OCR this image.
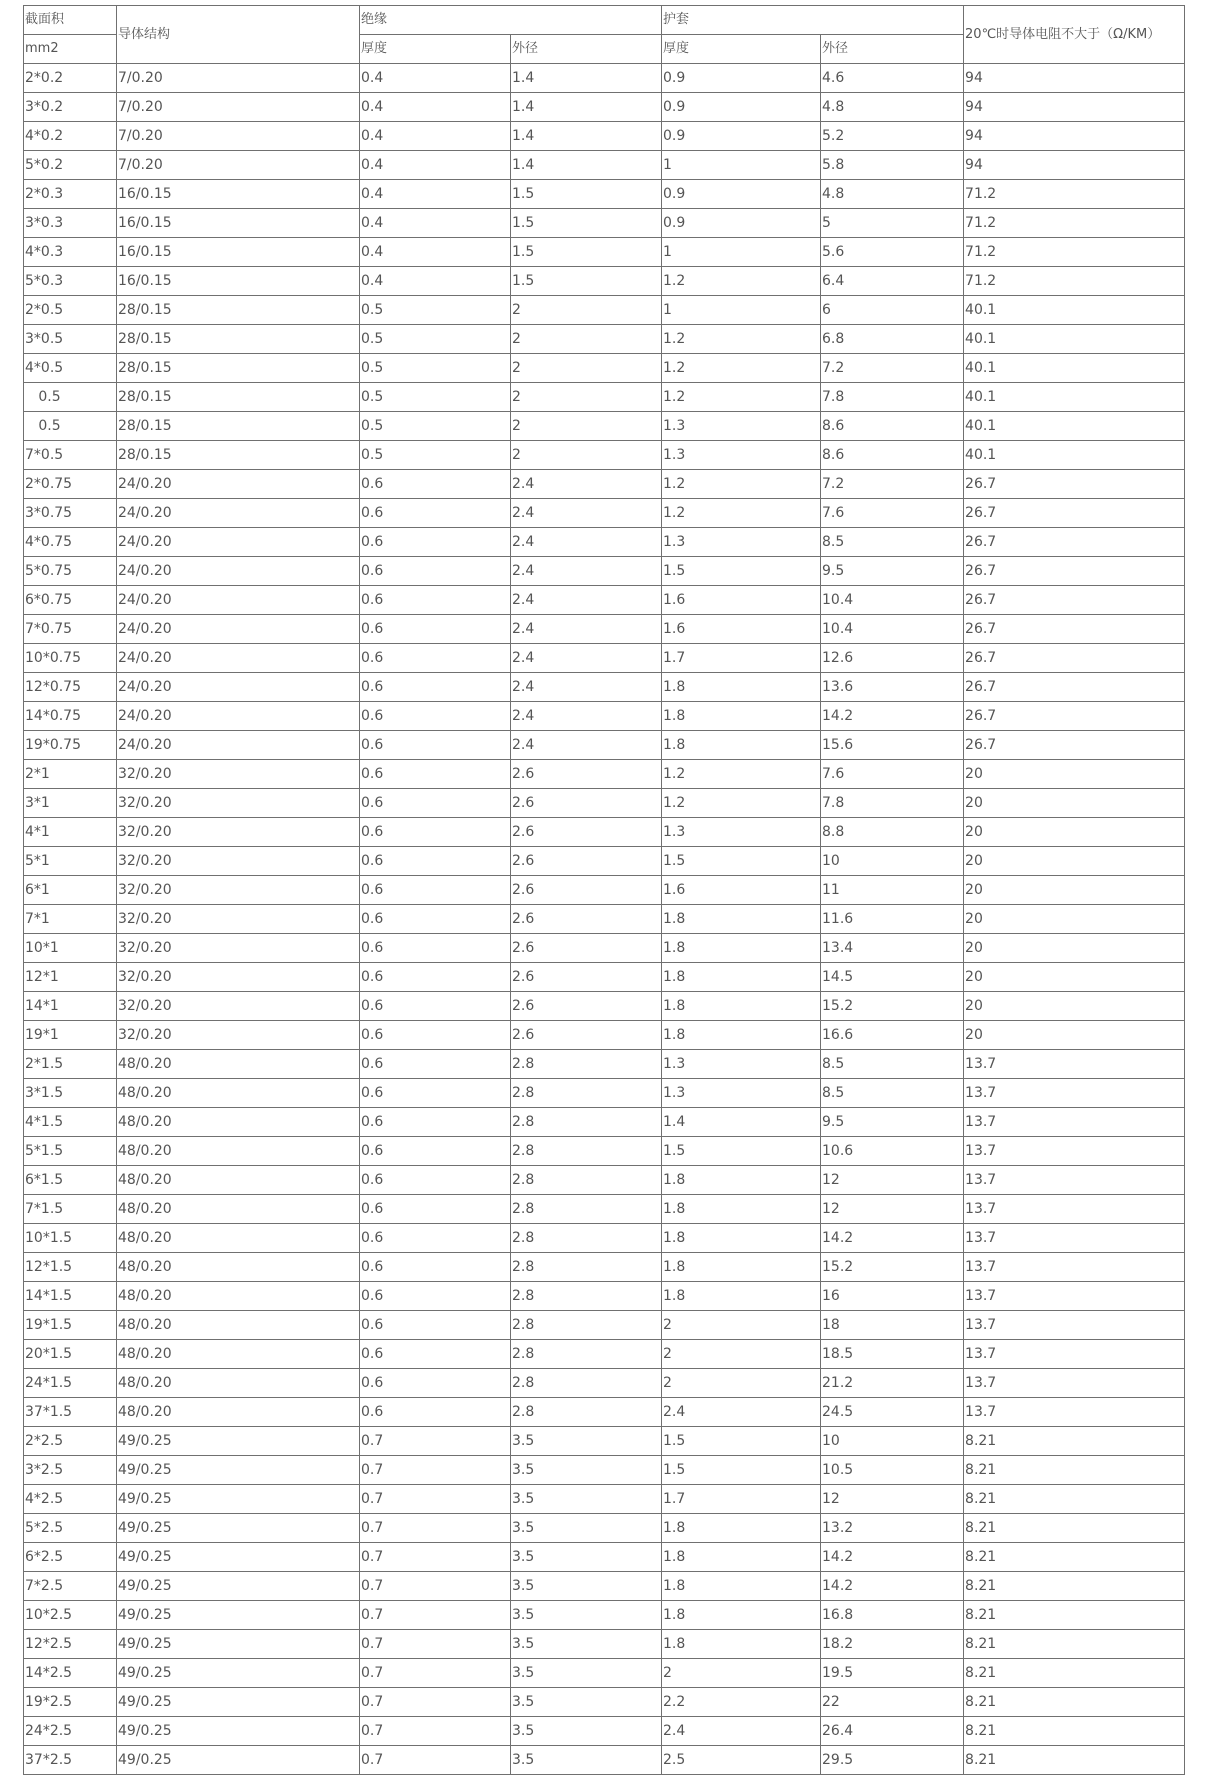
截面积	导体结构	绝缘		护套		20℃时导体电阻不大于（Ω/KM）
mm2		厚度	外径	厚度	外径	
2*0.2	7/0.20	0.4	1.4	0.9	4.6	94
3*0.2	7/0.20	0.4	1.4	0.9	4.8	94
4*0.2	7/0.20	0.4	1.4	0.9	5.2	94
5*0.2	7/0.20	0.4	1.4	1	5.8	94
2*0.3	16/0.15	0.4	1.5	0.9	4.8	71.2
3*0.3	16/0.15	0.4	1.5	0.9	5	71.2
4*0.3	16/0.15	0.4	1.5	1	5.6	71.2
5*0.3	16/0.15	0.4	1.5	1.2	6.4	71.2
2*0.5	28/0.15	0.5	2	1	6	40.1
3*0.5	28/0.15	0.5	2	1.2	6.8	40.1
4*0.5	28/0.15	0.5	2	1.2	7.2	40.1
0.5	28/0.15	0.5	2	1.2	7.8	40.1
0.5	28/0.15	0.5	2	1.3	8.6	40.1
7*0.5	28/0.15	0.5	2	1.3	8.6	40.1
2*0.75	24/0.20	0.6	2.4	1.2	7.2	26.7
3*0.75	24/0.20	0.6	2.4	1.2	7.6	26.7
4*0.75	24/0.20	0.6	2.4	1.3	8.5	26.7
5*0.75	24/0.20	0.6	2.4	1.5	9.5	26.7
6*0.75	24/0.20	0.6	2.4	1.6	10.4	26.7
7*0.75	24/0.20	0.6	2.4	1.6	10.4	26.7
10*0.75	24/0.20	0.6	2.4	1.7	12.6	26.7
12*0.75	24/0.20	0.6	2.4	1.8	13.6	26.7
14*0.75	24/0.20	0.6	2.4	1.8	14.2	26.7
19*0.75	24/0.20	0.6	2.4	1.8	15.6	26.7
2*1	32/0.20	0.6	2.6	1.2	7.6	20
3*1	32/0.20	0.6	2.6	1.2	7.8	20
4*1	32/0.20	0.6	2.6	1.3	8.8	20
5*1	32/0.20	0.6	2.6	1.5	10	20
6*1	32/0.20	0.6	2.6	1.6	11	20
7*1	32/0.20	0.6	2.6	1.8	11.6	20
10*1	32/0.20	0.6	2.6	1.8	13.4	20
12*1	32/0.20	0.6	2.6	1.8	14.5	20
14*1	32/0.20	0.6	2.6	1.8	15.2	20
19*1	32/0.20	0.6	2.6	1.8	16.6	20
2*1.5	48/0.20	0.6	2.8	1.3	8.5	13.7
3*1.5	48/0.20	0.6	2.8	1.3	8.5	13.7
4*1.5	48/0.20	0.6	2.8	1.4	9.5	13.7
5*1.5	48/0.20	0.6	2.8	1.5	10.6	13.7
6*1.5	48/0.20	0.6	2.8	1.8	12	13.7
7*1.5	48/0.20	0.6	2.8	1.8	12	13.7
10*1.5	48/0.20	0.6	2.8	1.8	14.2	13.7
12*1.5	48/0.20	0.6	2.8	1.8	15.2	13.7
14*1.5	48/0.20	0.6	2.8	1.8	16	13.7
19*1.5	48/0.20	0.6	2.8	2	18	13.7
20*1.5	48/0.20	0.6	2.8	2	18.5	13.7
24*1.5	48/0.20	0.6	2.8	2	21.2	13.7
37*1.5	48/0.20	0.6	2.8	2.4	24.5	13.7
2*2.5	49/0.25	0.7	3.5	1.5	10	8.21
3*2.5	49/0.25	0.7	3.5	1.5	10.5	8.21
4*2.5	49/0.25	0.7	3.5	1.7	12	8.21
5*2.5	49/0.25	0.7	3.5	1.8	13.2	8.21
6*2.5	49/0.25	0.7	3.5	1.8	14.2	8.21
7*2.5	49/0.25	0.7	3.5	1.8	14.2	8.21
10*2.5	49/0.25	0.7	3.5	1.8	16.8	8.21
12*2.5	49/0.25	0.7	3.5	1.8	18.2	8.21
14*2.5	49/0.25	0.7	3.5	2	19.5	8.21
19*2.5	49/0.25	0.7	3.5	2.2	22	8.21
24*2.5	49/0.25	0.7	3.5	2.4	26.4	8.21
37*2.5	49/0.25	0.7	3.5	2.5	29.5	8.21
